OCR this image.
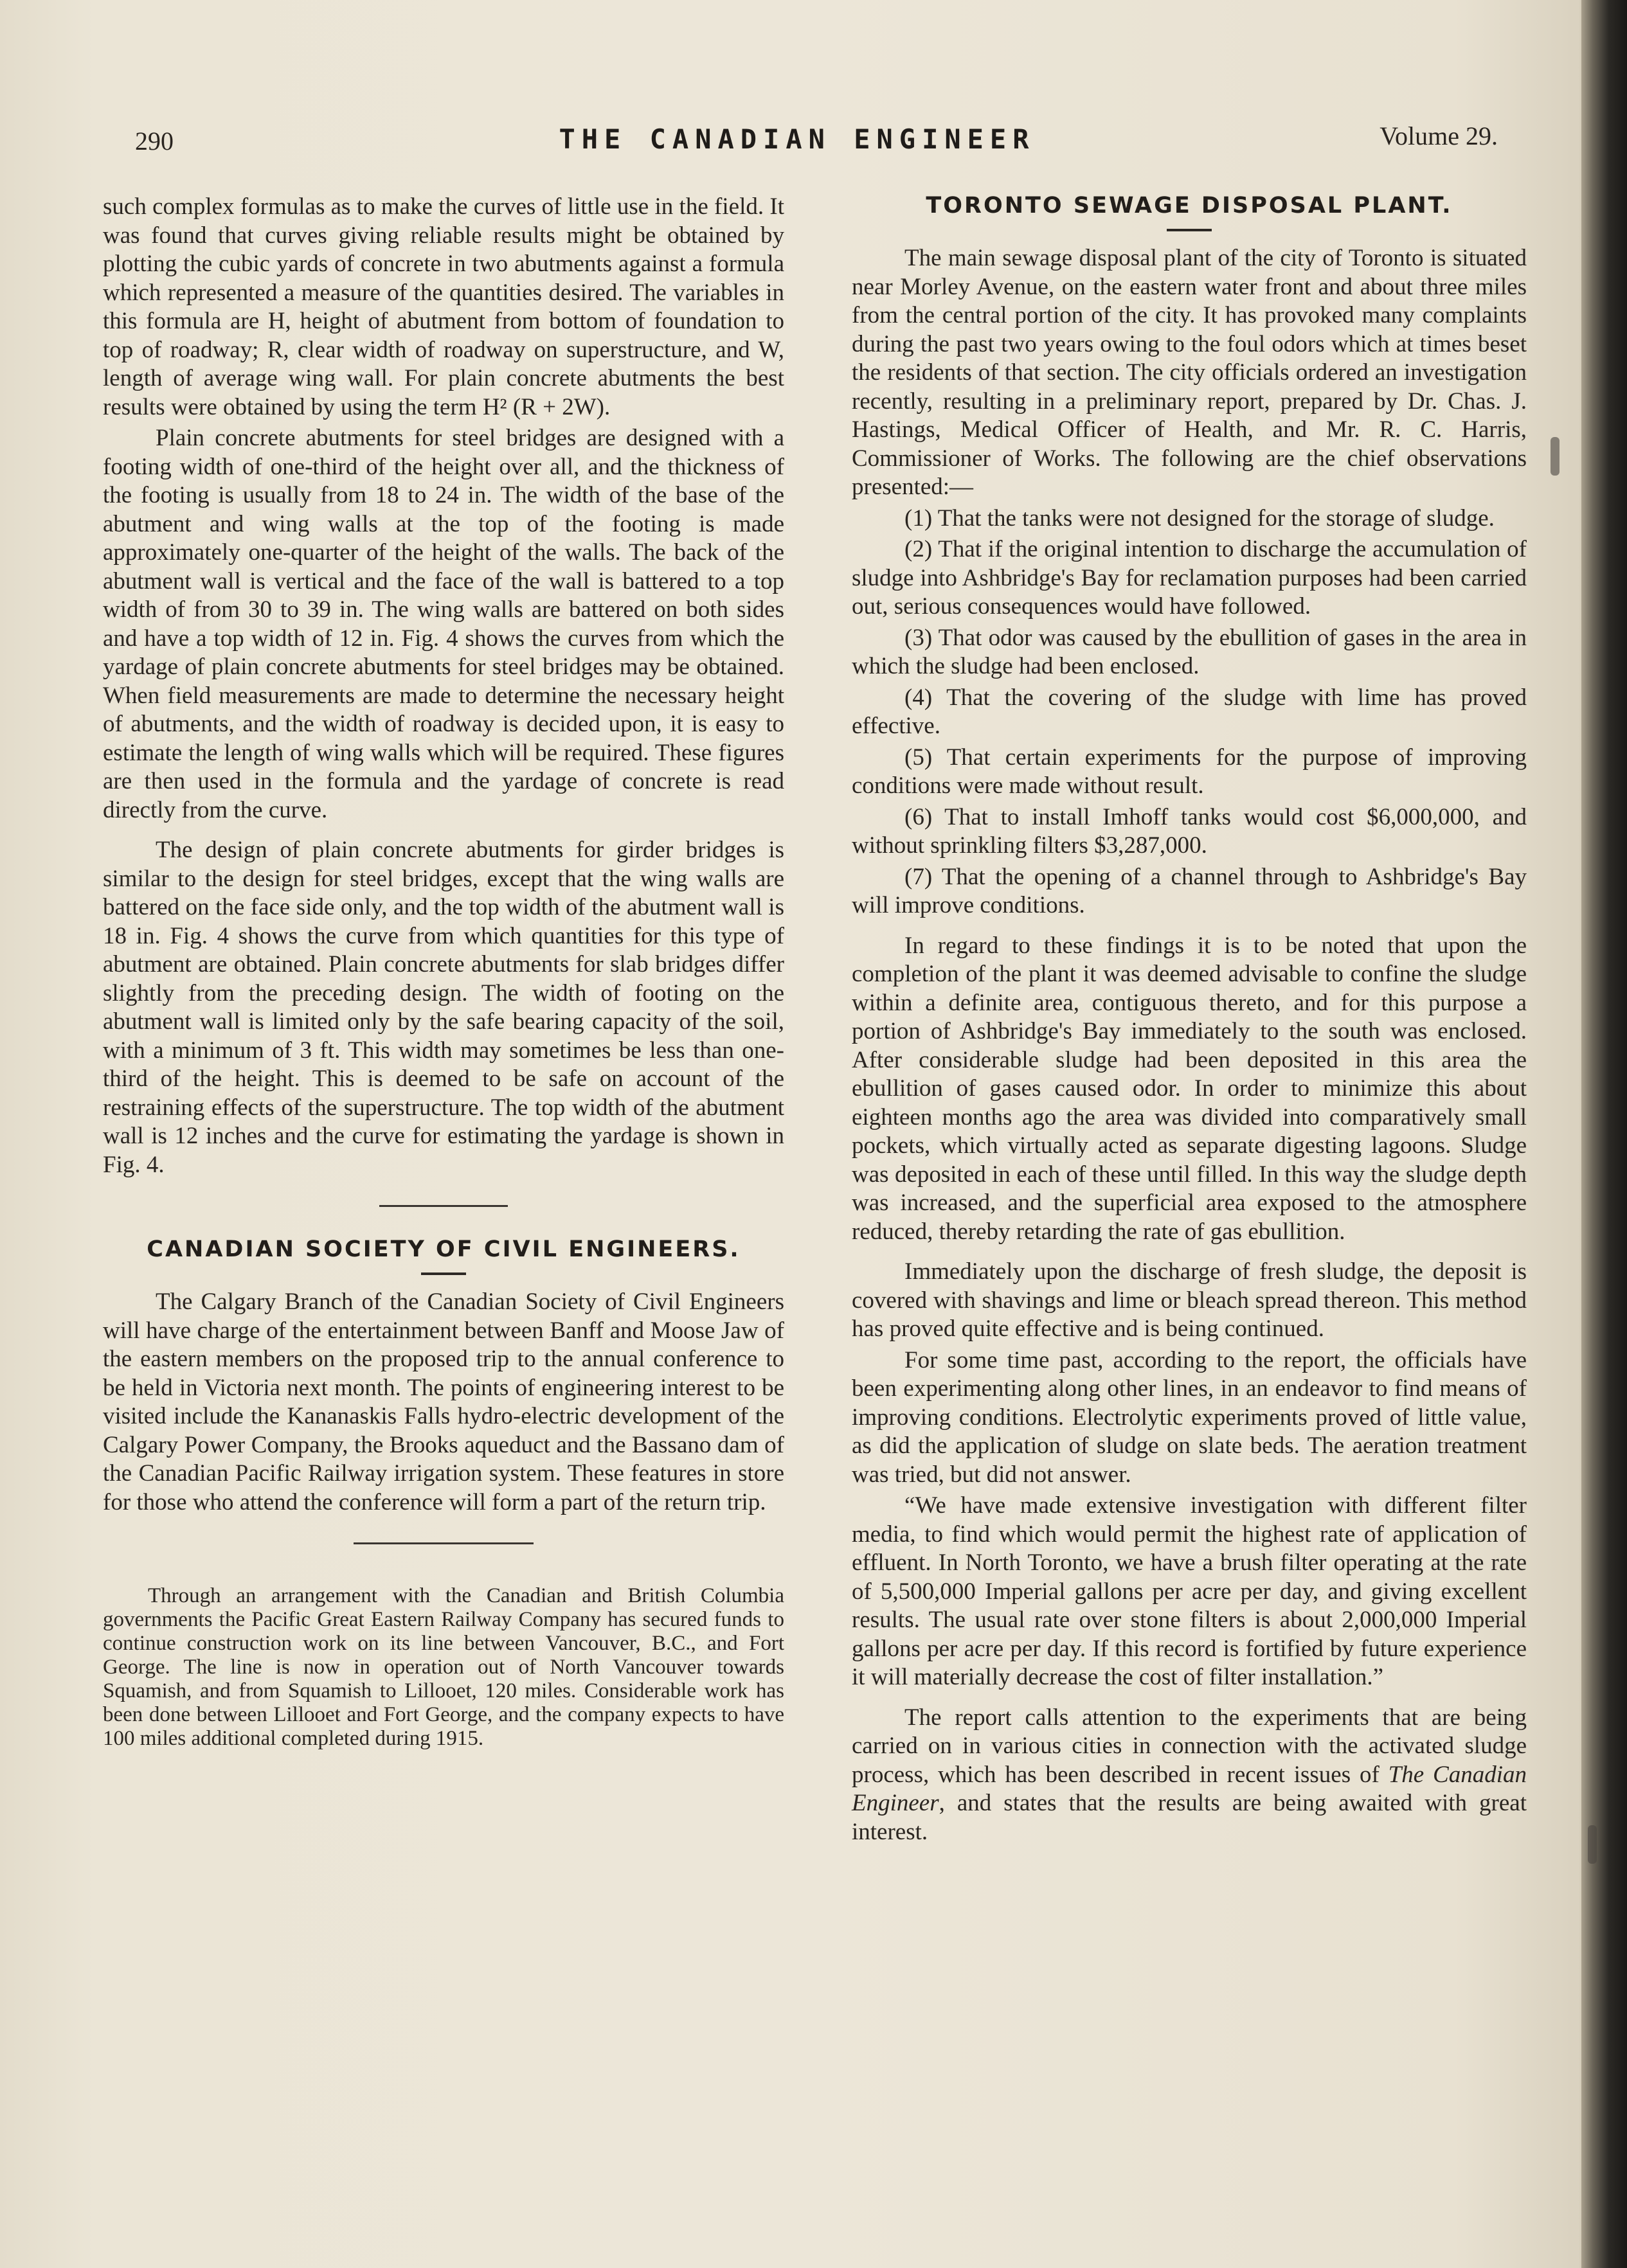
290	THE CANADIAN ENGINEER	Volume 29.

such complex formulas as to make the curves of little use in the field. It was found that curves giving reliable results might be obtained by plotting the cubic yards of concrete in two abutments against a formula which represented a measure of the quantities desired. The variables in this formula are H, height of abutment from bottom of foundation to top of roadway; R, clear width of roadway on superstructure, and W, length of average wing wall. For plain concrete abutments the best results were obtained by using the term H² (R + 2W).

Plain concrete abutments for steel bridges are designed with a footing width of one-third of the height over all, and the thickness of the footing is usually from 18 to 24 in. The width of the base of the abutment and wing walls at the top of the footing is made approximately one-quarter of the height of the walls. The back of the abutment wall is vertical and the face of the wall is battered to a top width of from 30 to 39 in. The wing walls are battered on both sides and have a top width of 12 in. Fig. 4 shows the curves from which the yardage of plain concrete abutments for steel bridges may be obtained. When field measurements are made to determine the necessary height of abutments, and the width of roadway is decided upon, it is easy to estimate the length of wing walls which will be required. These figures are then used in the formula and the yardage of concrete is read directly from the curve.

The design of plain concrete abutments for girder bridges is similar to the design for steel bridges, except that the wing walls are battered on the face side only, and the top width of the abutment wall is 18 in. Fig. 4 shows the curve from which quantities for this type of abutment are obtained. Plain concrete abutments for slab bridges differ slightly from the preceding design. The width of footing on the abutment wall is limited only by the safe bearing capacity of the soil, with a minimum of 3 ft. This width may sometimes be less than one-third of the height. This is deemed to be safe on account of the restraining effects of the superstructure. The top width of the abutment wall is 12 inches and the curve for estimating the yardage is shown in Fig. 4.

CANADIAN SOCIETY OF CIVIL ENGINEERS.

The Calgary Branch of the Canadian Society of Civil Engineers will have charge of the entertainment between Banff and Moose Jaw of the eastern members on the proposed trip to the annual conference to be held in Victoria next month. The points of engineering interest to be visited include the Kananaskis Falls hydro-electric development of the Calgary Power Company, the Brooks aqueduct and the Bassano dam of the Canadian Pacific Railway irrigation system. These features in store for those who attend the conference will form a part of the return trip.

Through an arrangement with the Canadian and British Columbia governments the Pacific Great Eastern Railway Company has secured funds to continue construction work on its line between Vancouver, B.C., and Fort George. The line is now in operation out of North Vancouver towards Squamish, and from Squamish to Lillooet, 120 miles. Considerable work has been done between Lillooet and Fort George, and the company expects to have 100 miles additional completed during 1915.

TORONTO SEWAGE DISPOSAL PLANT.

The main sewage disposal plant of the city of Toronto is situated near Morley Avenue, on the eastern water front and about three miles from the central portion of the city. It has provoked many complaints during the past two years owing to the foul odors which at times beset the residents of that section. The city officials ordered an investigation recently, resulting in a preliminary report, prepared by Dr. Chas. J. Hastings, Medical Officer of Health, and Mr. R. C. Harris, Commissioner of Works. The following are the chief observations presented:—

(1) That the tanks were not designed for the storage of sludge.

(2) That if the original intention to discharge the accumulation of sludge into Ashbridge's Bay for reclamation purposes had been carried out, serious consequences would have followed.

(3) That odor was caused by the ebullition of gases in the area in which the sludge had been enclosed.

(4) That the covering of the sludge with lime has proved effective.

(5) That certain experiments for the purpose of improving conditions were made without result.

(6) That to install Imhoff tanks would cost $6,000,000, and without sprinkling filters $3,287,000.

(7) That the opening of a channel through to Ashbridge's Bay will improve conditions.

In regard to these findings it is to be noted that upon the completion of the plant it was deemed advisable to confine the sludge within a definite area, contiguous thereto, and for this purpose a portion of Ashbridge's Bay immediately to the south was enclosed. After considerable sludge had been deposited in this area the ebullition of gases caused odor. In order to minimize this about eighteen months ago the area was divided into comparatively small pockets, which virtually acted as separate digesting lagoons. Sludge was deposited in each of these until filled. In this way the sludge depth was increased, and the superficial area exposed to the atmosphere reduced, thereby retarding the rate of gas ebullition.

Immediately upon the discharge of fresh sludge, the deposit is covered with shavings and lime or bleach spread thereon. This method has proved quite effective and is being continued.

For some time past, according to the report, the officials have been experimenting along other lines, in an endeavor to find means of improving conditions. Electrolytic experiments proved of little value, as did the application of sludge on slate beds. The aeration treatment was tried, but did not answer.

“We have made extensive investigation with different filter media, to find which would permit the highest rate of application of effluent. In North Toronto, we have a brush filter operating at the rate of 5,500,000 Imperial gallons per acre per day, and giving excellent results. The usual rate over stone filters is about 2,000,000 Imperial gallons per acre per day. If this record is fortified by future experience it will materially decrease the cost of filter installation.”

The report calls attention to the experiments that are being carried on in various cities in connection with the activated sludge process, which has been described in recent issues of The Canadian Engineer, and states that the results are being awaited with great interest.
